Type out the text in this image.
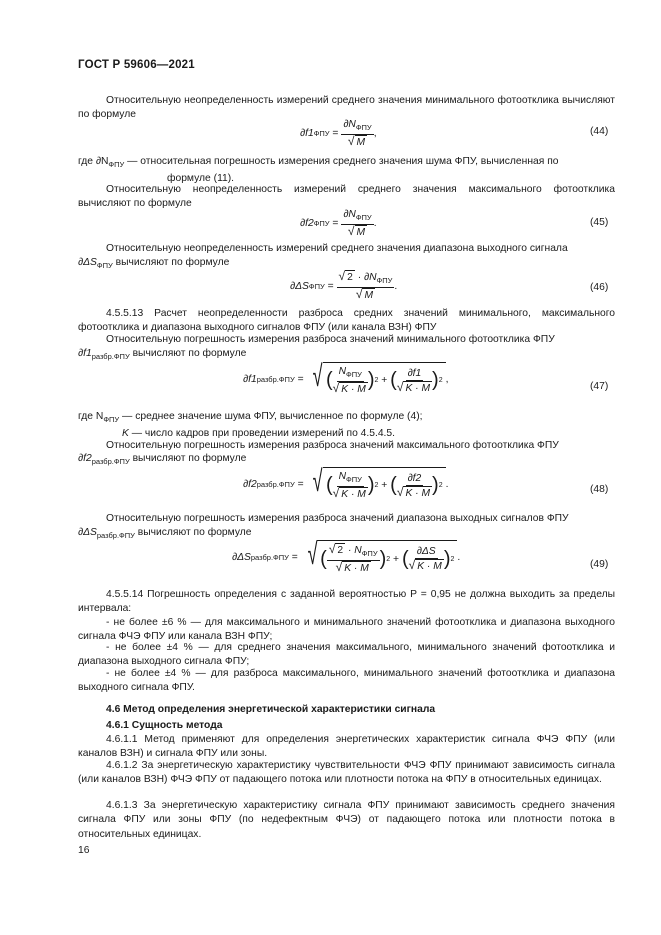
ГОСТ Р 59606—2021
Относительную неопределенность измерений среднего значения минимального фотоотклика вычисляют по формуле
∂f1 ФПУ
=
$\frac{\partial N_{ФПУ}}{√ M}$ ,	(44)
где $\partial N_{ФПУ}$ — относительная погрешность измерения среднего значения шума ФПУ, вычисленная по
формуле (11).
Относительную неопределенность измерений среднего значения максимального фотоотклика вычисляют по формуле
∂f2 ФПУ
=
$\frac{\partial N_{ФПУ}}{√ M}$ .	(45)
Относительную неопределенность измерений среднего значения диапазона выходного сигнала
$\partial\Delta S_{ФПУ}$ вычисляют по формуле
∂ΔS ФПУ
=
$\frac{√ 2 \cdot \partial N_{ФПУ}}{√ M}$ .	(46)
4.5.5.13 Расчет неопределенности разброса средних значений минимального, максимального фотоотклика и диапазона выходного сигналов ФПУ (или канала ВЗН) ФПУ
Относительную погрешность измерения разброса значений минимального фотоотклика ФПУ
$\partial f1_{разбр.ФПУ}$ вычисляют по формуле
∂f1 разбр.ФПУ
=
√ ( $\frac{N_{ФПУ}}{√ K \cdot M}$ ) 2
+
( $\frac{\partial f1}{√ K \cdot M}$ ) 2 ,
(47)
где $N_{ФПУ}$ — среднее значение шума ФПУ, вычисленное по формуле (4);
K — число кадров при проведении измерений по 4.5.4.5.
Относительную погрешность измерения разброса значений максимального фотоотклика ФПУ
$\partial f2_{разбр.ФПУ}$ вычисляют по формуле
∂f2 разбр.ФПУ
=
√ ( $\frac{N_{ФПУ}}{√ K \cdot M}$ ) 2
+
( $\frac{\partial f2}{√ K \cdot M}$ ) 2 .	(48)
Относительную погрешность измерения разброса значений диапазона выходных сигналов ФПУ
$\partial\Delta S_{разбр.ФПУ}$ вычисляют по формуле
∂ΔS разбр.ФПУ
=
√ ( $\frac{√ 2 \cdot N_{ФПУ}}{√ K \cdot M}$ ) 2
+
( $\frac{\partial\Delta S}{√ K \cdot M}$ ) 2 .
(49)
4.5.5.14 Погрешность определения с заданной вероятностью P = 0,95 не должна выходить за пределы интервала:
- не более ±6 % — для максимального и минимального значений фотоотклика и диапазона выходного сигнала ФЧЭ ФПУ или канала ВЗН ФПУ;
- не более ±4 % — для среднего значения максимального, минимального значений фотоотклика и диапазона выходного сигнала ФПУ;
- не более ±4 % — для разброса максимального, минимального значений фотоотклика и диапазона выходного сигнала ФПУ.
4.6 Метод определения энергетической характеристики сигнала
4.6.1 Сущность метода
4.6.1.1 Метод применяют для определения энергетических характеристик сигнала ФЧЭ ФПУ (или каналов ВЗН) и сигнала ФПУ или зоны.
4.6.1.2 За энергетическую характеристику чувствительности ФЧЭ ФПУ принимают зависимость сигнала (или каналов ВЗН) ФЧЭ ФПУ от падающего потока или плотности потока на ФПУ в относительных единицах.
4.6.1.3 За энергетическую характеристику сигнала ФПУ принимают зависимость среднего значения сигнала ФПУ или зоны ФПУ (по недефектным ФЧЭ) от падающего потока или плотности потока в относительных единицах.
16
